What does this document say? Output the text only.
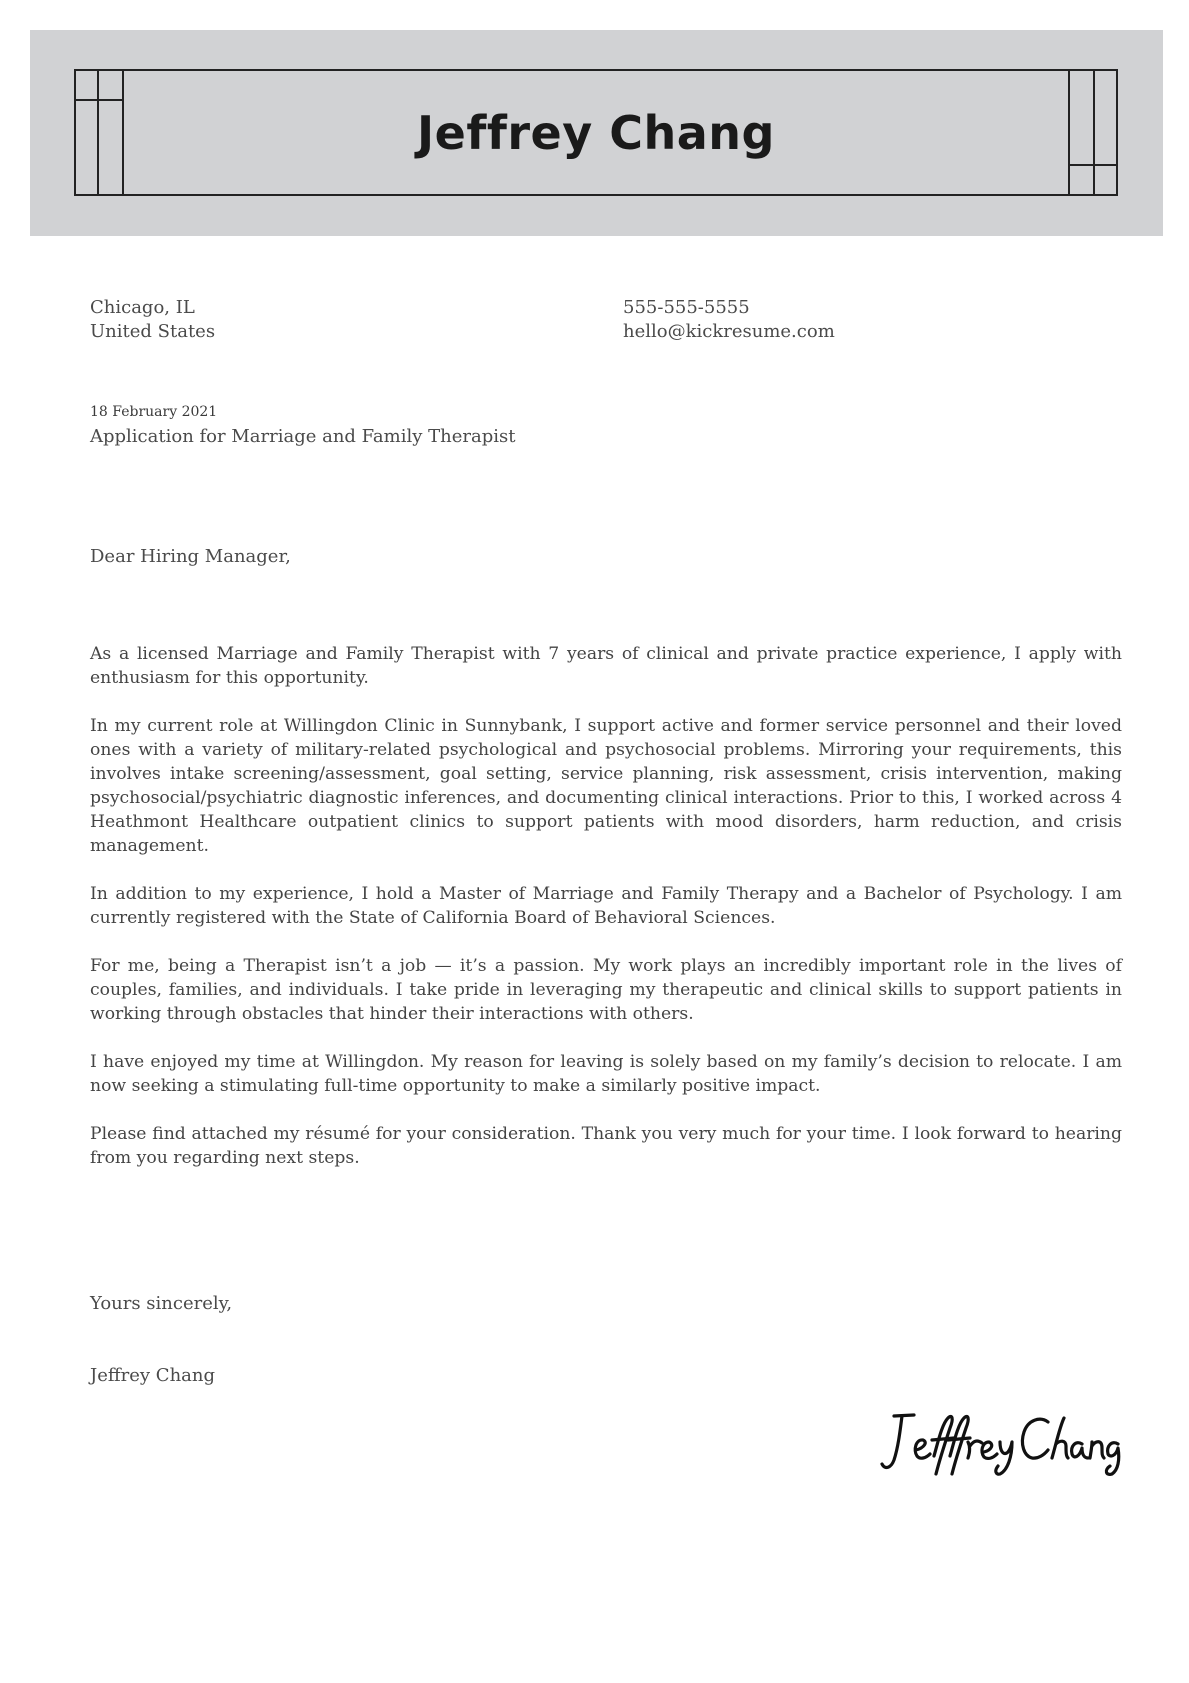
Jeffrey Chang
Chicago, IL
United States
555-555-5555
hello@kickresume.com
18 February 2021
Application for Marriage and Family Therapist
Dear Hiring Manager,

As a licensed Marriage and Family Therapist with 7 years of clinical and private practice experience, I apply with enthusiasm for this opportunity.

In my current role at Willingdon Clinic in Sunnybank, I support active and former service personnel and their loved ones with a variety of military-related psychological and psychosocial problems. Mirroring your requirements, this involves intake screening/assessment, goal setting, service planning, risk assessment, crisis intervention, making psychosocial/psychiatric diagnostic inferences, and documenting clinical interactions. Prior to this, I worked across 4 Heathmont Healthcare outpatient clinics to support patients with mood disorders, harm reduction, and crisis management.

In addition to my experience, I hold a Master of Marriage and Family Therapy and a Bachelor of Psychology. I am currently registered with the State of California Board of Behavioral Sciences.

For me, being a Therapist isn’t a job — it’s a passion. My work plays an incredibly important role in the lives of couples, families, and individuals. I take pride in leveraging my therapeutic and clinical skills to support patients in working through obstacles that hinder their interactions with others.

I have enjoyed my time at Willingdon. My reason for leaving is solely based on my family’s decision to relocate. I am now seeking a stimulating full-time opportunity to make a similarly positive impact.

Please find attached my résumé for your consideration. Thank you very much for your time. I look forward to hearing from you regarding next steps.

Yours sincerely,
Jeffrey Chang
